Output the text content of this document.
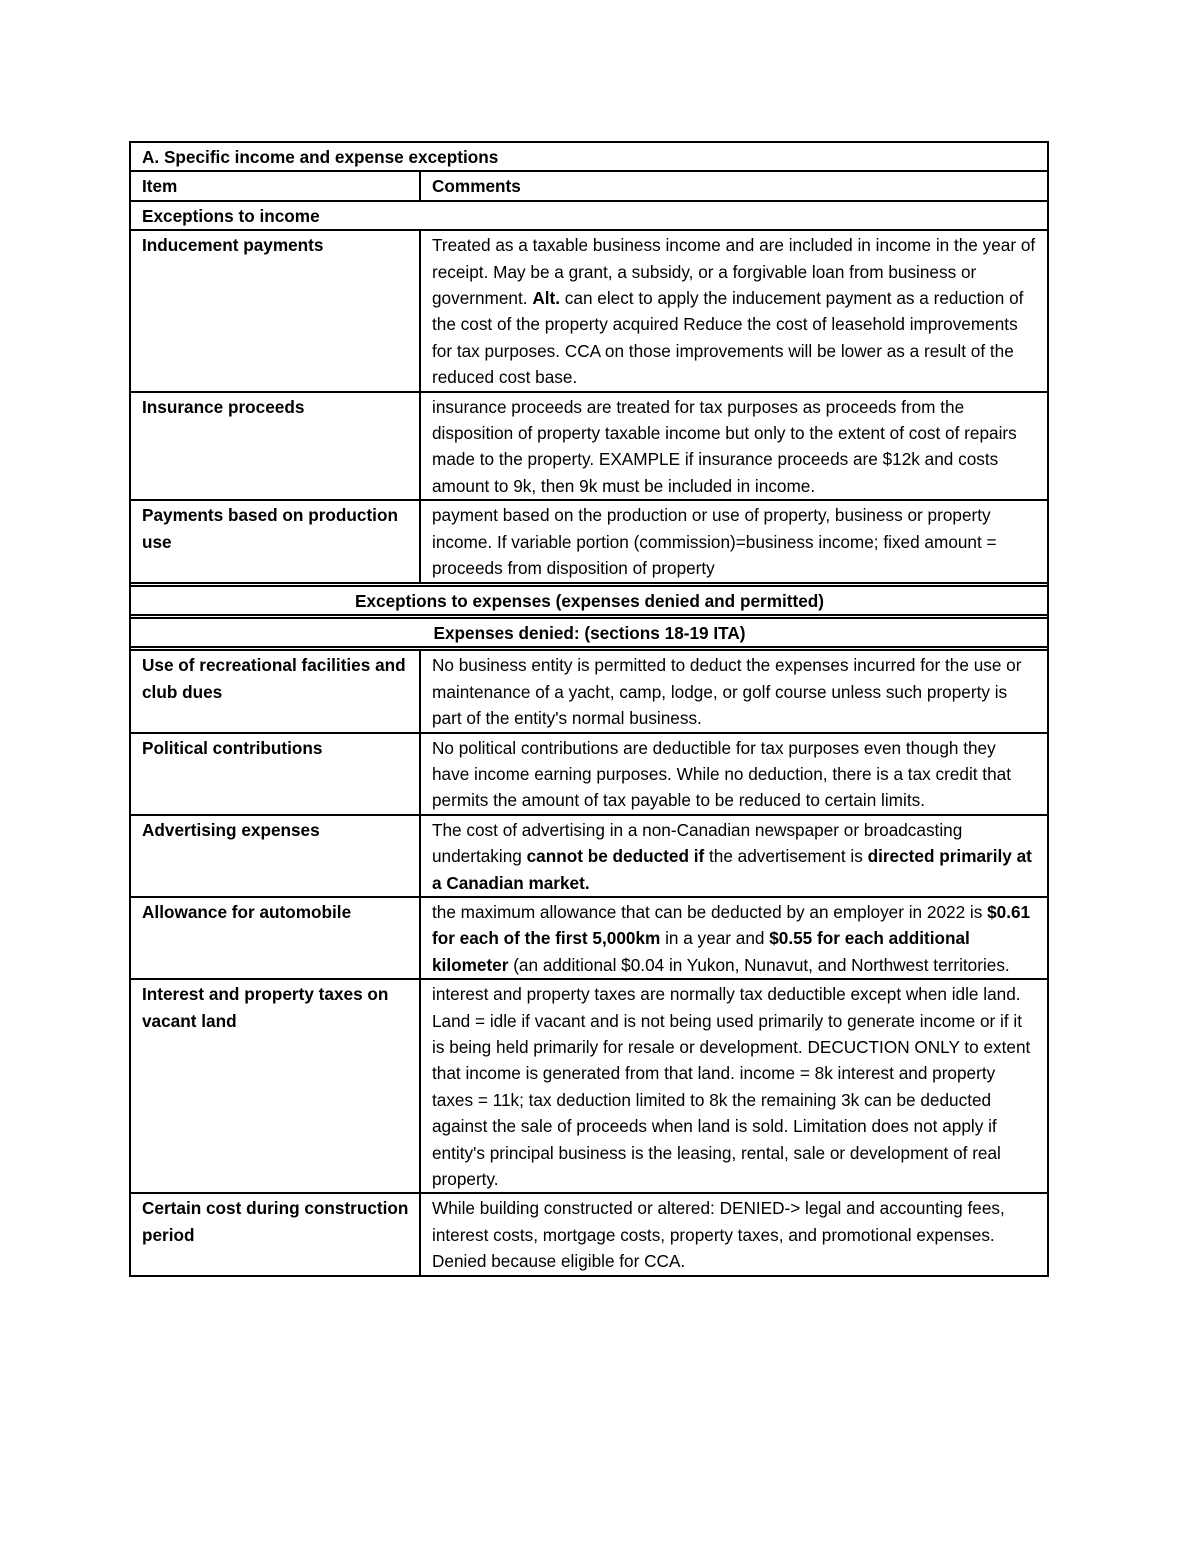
A. Specific income and expense exceptions	
Item	Comments
Exceptions to income	
Inducement payments	Treated as a taxable business income and are included in income in the year of receipt. May be a grant, a subsidy, or a forgivable loan from business or government. Alt. can elect to apply the inducement payment as a reduction of the cost of the property acquired Reduce the cost of leasehold improvements for tax purposes. CCA on those improvements will be lower as a result of the reduced cost base.
Insurance proceeds	insurance proceeds are treated for tax purposes as proceeds from the disposition of property taxable income but only to the extent of cost of repairs made to the property. EXAMPLE if insurance proceeds are $12k and costs amount to 9k, then 9k must be included in income.
Payments based on production use	payment based on the production or use of property, business or property income. If variable portion (commission)=business income; fixed amount = proceeds from disposition of property

Exceptions to expenses (expenses denied and permitted)	

Expenses denied: (sections 18-19 ITA)	

Use of recreational facilities and club dues	No business entity is permitted to deduct the expenses incurred for the use or maintenance of a yacht, camp, lodge, or golf course unless such property is part of the entity's normal business.
Political contributions	No political contributions are deductible for tax purposes even though they have income earning purposes. While no deduction, there is a tax credit that permits the amount of tax payable to be reduced to certain limits.
Advertising expenses	The cost of advertising in a non-Canadian newspaper or broadcasting undertaking cannot be deducted if the advertisement is directed primarily at a Canadian market.
Allowance for automobile	the maximum allowance that can be deducted by an employer in 2022 is $0.61 for each of the first 5,000km in a year and $0.55 for each additional kilometer (an additional $0.04 in Yukon, Nunavut, and Northwest territories.
Interest and property taxes on vacant land	interest and property taxes are normally tax deductible except when idle land. Land = idle if vacant and is not being used primarily to generate income or if it is being held primarily for resale or development. DECUCTION ONLY to extent that income is generated from that land. income = 8k interest and property taxes = 11k; tax deduction limited to 8k the remaining 3k can be deducted against the sale of proceeds when land is sold. Limitation does not apply if entity's principal business is the leasing, rental, sale or development of real property.
Certain cost during construction period	While building constructed or altered: DENIED-> legal and accounting fees, interest costs, mortgage costs, property taxes, and promotional expenses. Denied because eligible for CCA.
